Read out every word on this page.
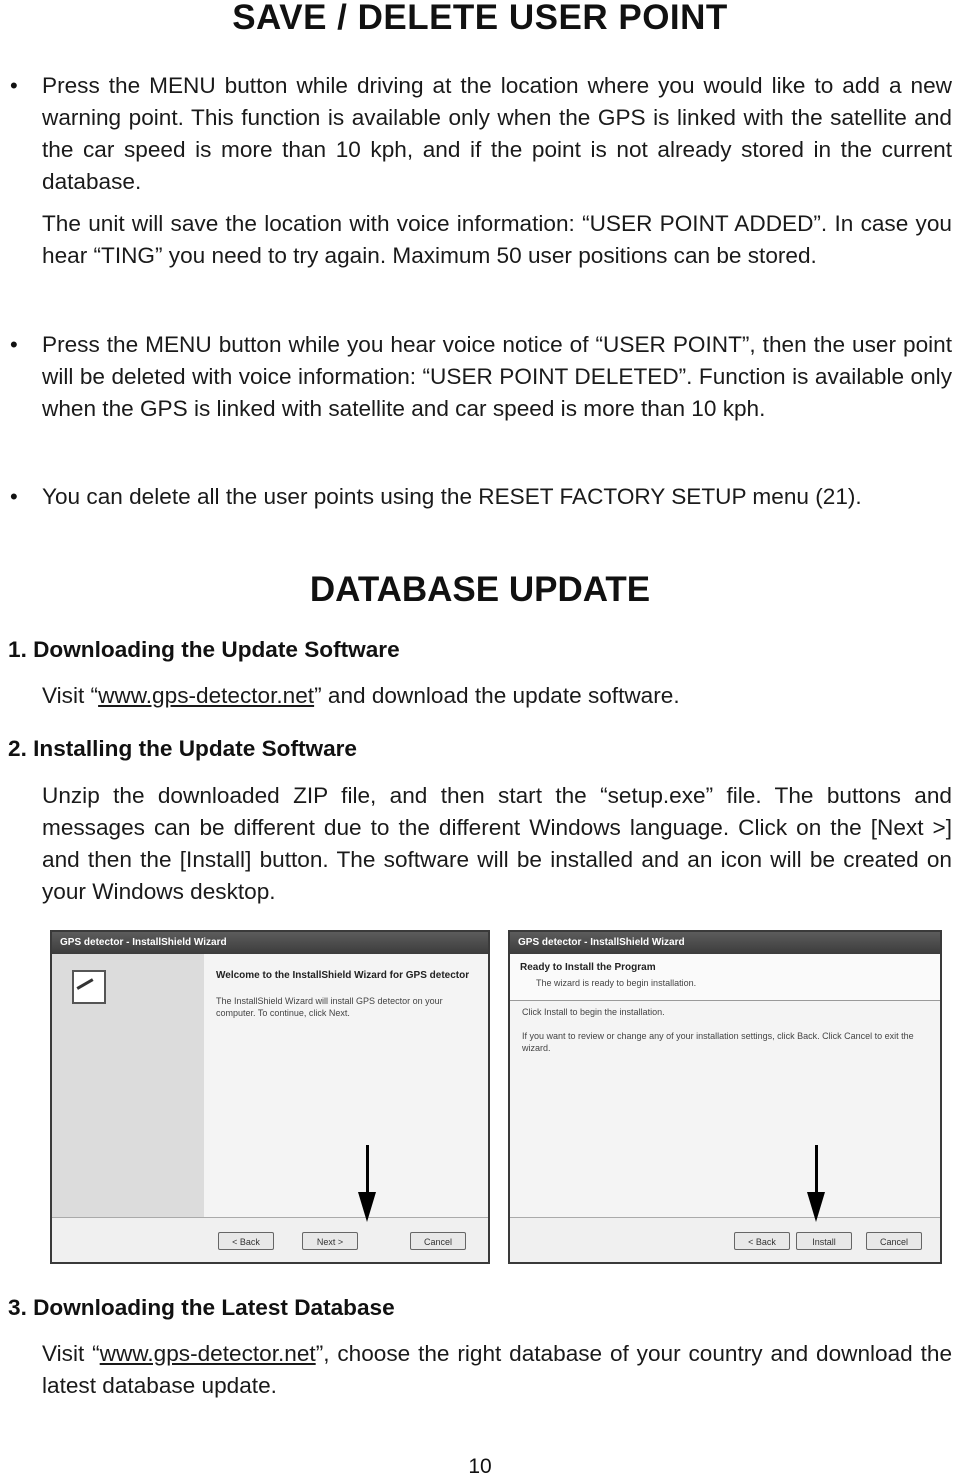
SAVE / DELETE USER POINT
• Press the MENU button while driving at the location where you would like to add a new warning point. This function is available only when the GPS is linked with the satellite and the car speed is more than 10 kph, and if the point is not already stored in the current database.

The unit will save the location with voice information: “USER POINT ADDED”. In case you hear “TING” you need to try again. Maximum 50 user positions can be stored.

• Press the MENU button while you hear voice notice of “USER POINT”, then the user point will be deleted with voice information: “USER POINT DELETED”. Function is available only when the GPS is linked with satellite and car speed is more than 10 kph.

• You can delete all the user points using the RESET FACTORY SETUP menu (21).

DATABASE UPDATE
1. Downloading the Update Software

Visit “www.gps-detector.net” and download the update software.

2. Installing the Update Software

Unzip the downloaded ZIP file, and then start the “setup.exe” file. The buttons and messages can be different due to the different Windows language. Click on the [Next >] and then the [Install] button. The software will be installed and an icon will be created on your Windows desktop.

GPS detector - InstallShield Wizard

Welcome to the InstallShield Wizard for GPS detector

The InstallShield Wizard will install GPS detector on your computer. To continue, click Next.

< Back	Next >	Cancel
GPS detector - InstallShield Wizard

Ready to Install the Program

The wizard is ready to begin installation.

Click Install to begin the installation.

If you want to review or change any of your installation settings, click Back. Click Cancel to exit the wizard.

< Back	Install	Cancel
3. Downloading the Latest Database

Visit “www.gps-detector.net”, choose the right database of your country and download the latest database update.

10
